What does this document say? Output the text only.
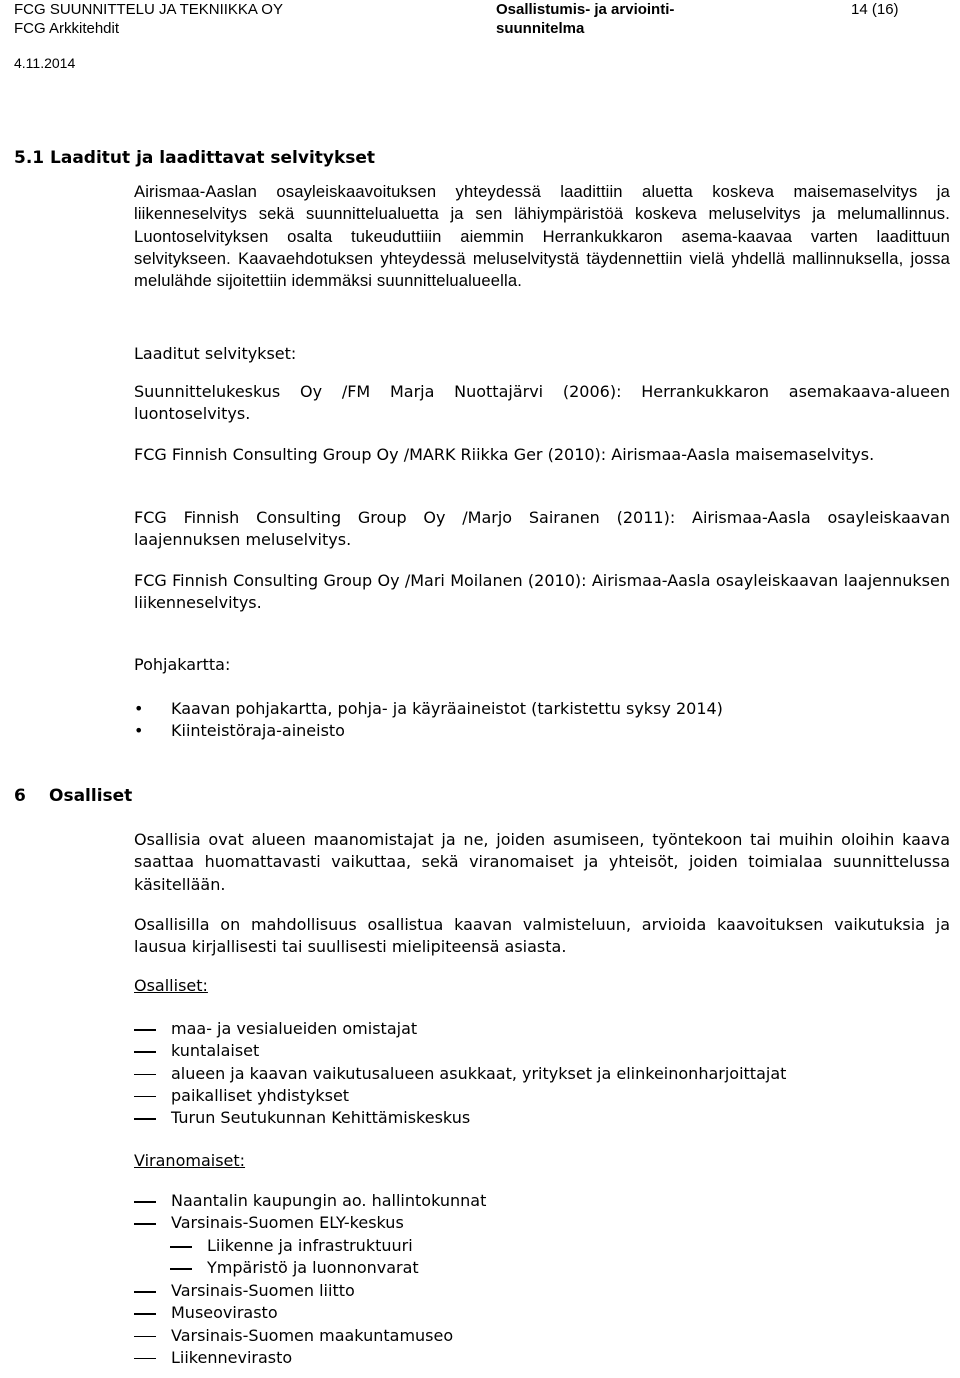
FCG SUUNNITTELU JA TEKNIIKKA OY
FCG Arkkitehdit
4.11.2014
Osallistumis- ja arviointi-
suunnitelma
14 (16)
5.1 Laaditut ja laadittavat selvitykset

Airismaa-Aaslan osayleiskaavoituksen yhteydessä laadittiin aluetta koskeva maisemaselvitys ja liikenneselvitys sekä suunnittelualuetta ja sen lähiympäristöä koskeva meluselvitys ja melumallinnus. Luontoselvityksen osalta tukeuduttiiin aiemmin Herrankukkaron asema-kaavaa varten laadittuun selvitykseen. Kaavaehdotuksen yhteydessä meluselvitystä täydennettiin vielä yhdellä mallinnuksella, jossa melulähde sijoitettiin idemmäksi suunnittelualueella.

Laaditut selvitykset:

Suunnittelukeskus Oy /FM Marja Nuottajärvi (2006): Herrankukkaron asemakaava-alueen luontoselvitys.

FCG Finnish Consulting Group Oy /MARK Riikka Ger (2010): Airismaa-Aasla maisemaselvitys.

FCG Finnish Consulting Group Oy /Marjo Sairanen (2011): Airismaa-Aasla osayleiskaavan laajennuksen meluselvitys.

FCG Finnish Consulting Group Oy /Mari Moilanen (2010): Airismaa-Aasla osayleiskaavan laajennuksen liikenneselvitys.

Pohjakartta:

• Kaavan pohjakartta, pohja- ja käyräaineistot (tarkistettu syksy 2014)
• Kiinteistöraja-aineisto
6 Osalliset

Osallisia ovat alueen maanomistajat ja ne, joiden asumiseen, työntekoon tai muihin oloihin kaava saattaa huomattavasti vaikuttaa, sekä viranomaiset ja yhteisöt, joiden toimialaa suunnittelussa käsitellään.

Osallisilla on mahdollisuus osallistua kaavan valmisteluun, arvioida kaavoituksen vaikutuksia ja lausua kirjallisesti tai suullisesti mielipiteensä asiasta.

Osalliset:

maa- ja vesialueiden omistajat
kuntalaiset
alueen ja kaavan vaikutusalueen asukkaat, yritykset ja elinkeinonharjoittajat
paikalliset yhdistykset
Turun Seutukunnan Kehittämiskeskus

Viranomaiset:

Naantalin kaupungin ao. hallintokunnat
Varsinais-Suomen ELY-keskus
Liikenne ja infrastruktuuri
Ympäristö ja luonnonvarat
Varsinais-Suomen liitto
Museovirasto
Varsinais-Suomen maakuntamuseo
Liikennevirasto
